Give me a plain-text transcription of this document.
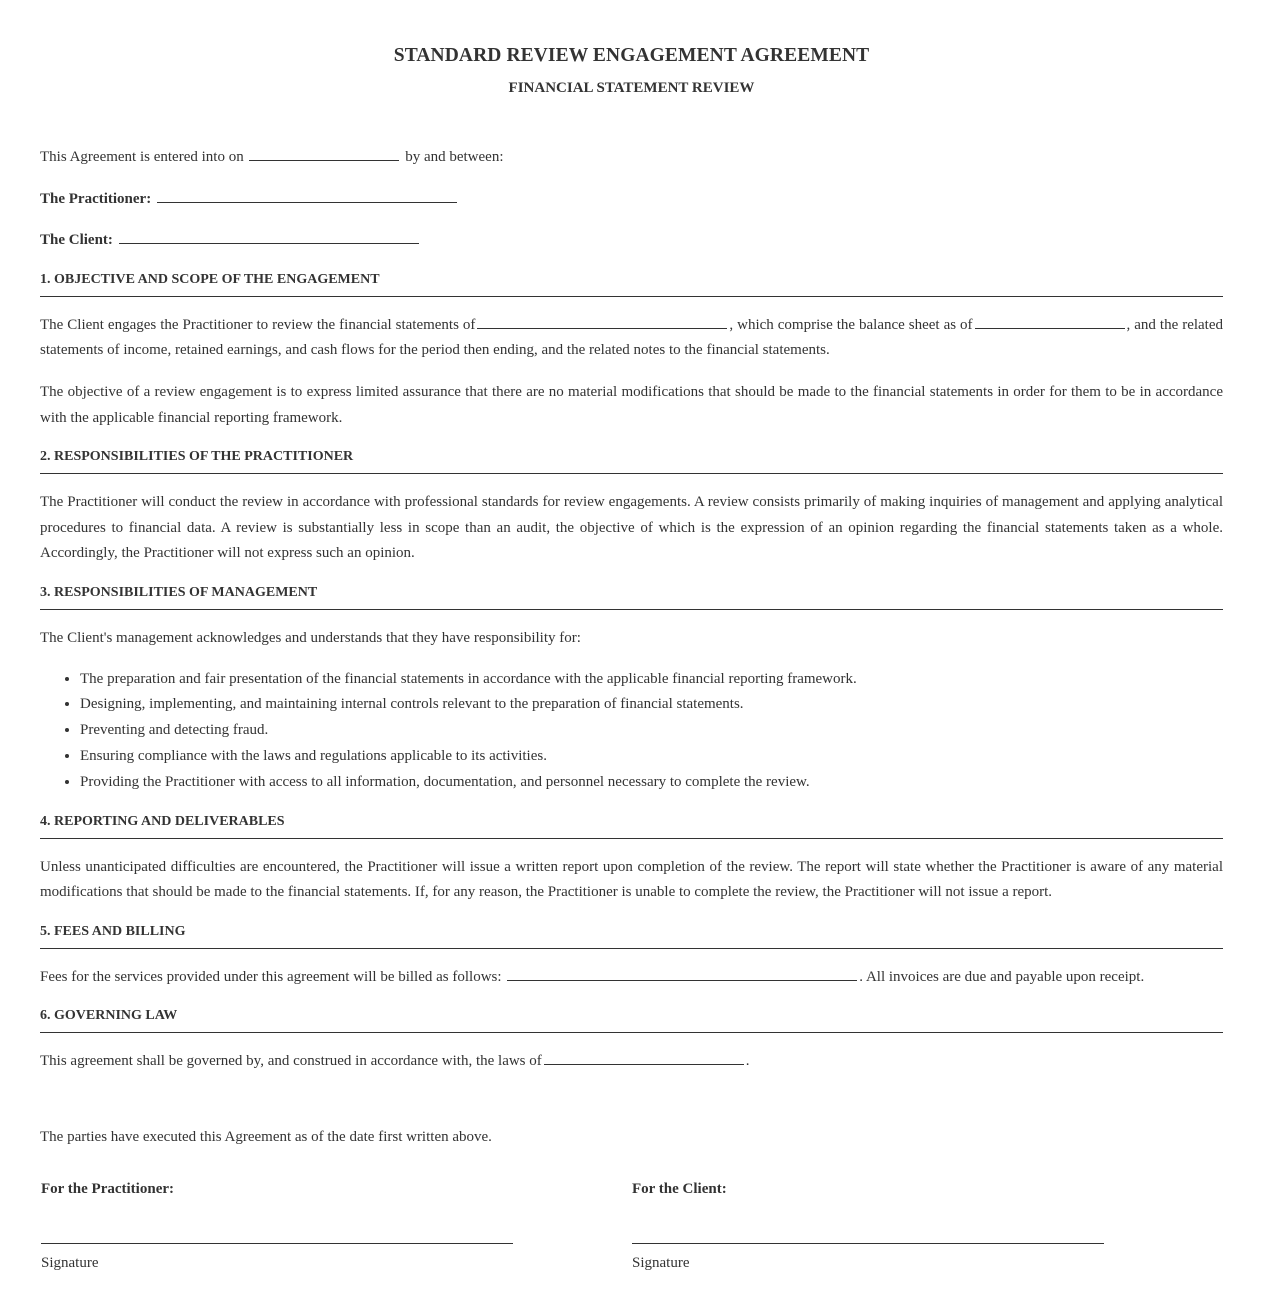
STANDARD REVIEW ENGAGEMENT AGREEMENT
FINANCIAL STATEMENT REVIEW

This Agreement is entered into on	by and between:

The Practitioner:

The Client:

1. OBJECTIVE AND SCOPE OF THE ENGAGEMENT

The Client engages the Practitioner to review the financial statements of	, which comprise the balance sheet as of	, and the related statements of income, retained earnings, and cash flows for the period then ending, and the related notes to the financial statements.

The objective of a review engagement is to express limited assurance that there are no material modifications that should be made to the financial statements in order for them to be in accordance with the applicable financial reporting framework.

2. RESPONSIBILITIES OF THE PRACTITIONER

The Practitioner will conduct the review in accordance with professional standards for review engagements. A review consists primarily of making inquiries of management and applying analytical procedures to financial data. A review is substantially less in scope than an audit, the objective of which is the expression of an opinion regarding the financial statements taken as a whole. Accordingly, the Practitioner will not express such an opinion.

3. RESPONSIBILITIES OF MANAGEMENT

The Client's management acknowledges and understands that they have responsibility for:

• The preparation and fair presentation of the financial statements in accordance with the applicable financial reporting framework.
• Designing, implementing, and maintaining internal controls relevant to the preparation of financial statements.
• Preventing and detecting fraud.
• Ensuring compliance with the laws and regulations applicable to its activities.
• Providing the Practitioner with access to all information, documentation, and personnel necessary to complete the review.
4. REPORTING AND DELIVERABLES

Unless unanticipated difficulties are encountered, the Practitioner will issue a written report upon completion of the review. The report will state whether the Practitioner is aware of any material modifications that should be made to the financial statements. If, for any reason, the Practitioner is unable to complete the review, the Practitioner will not issue a report.

5. FEES AND BILLING

Fees for the services provided under this agreement will be billed as follows:	. All invoices are due and payable upon receipt.

6. GOVERNING LAW

This agreement shall be governed by, and construed in accordance with, the laws of	.

The parties have executed this Agreement as of the date first written above.

For the Practitioner:
Signature
For the Client:
Signature
